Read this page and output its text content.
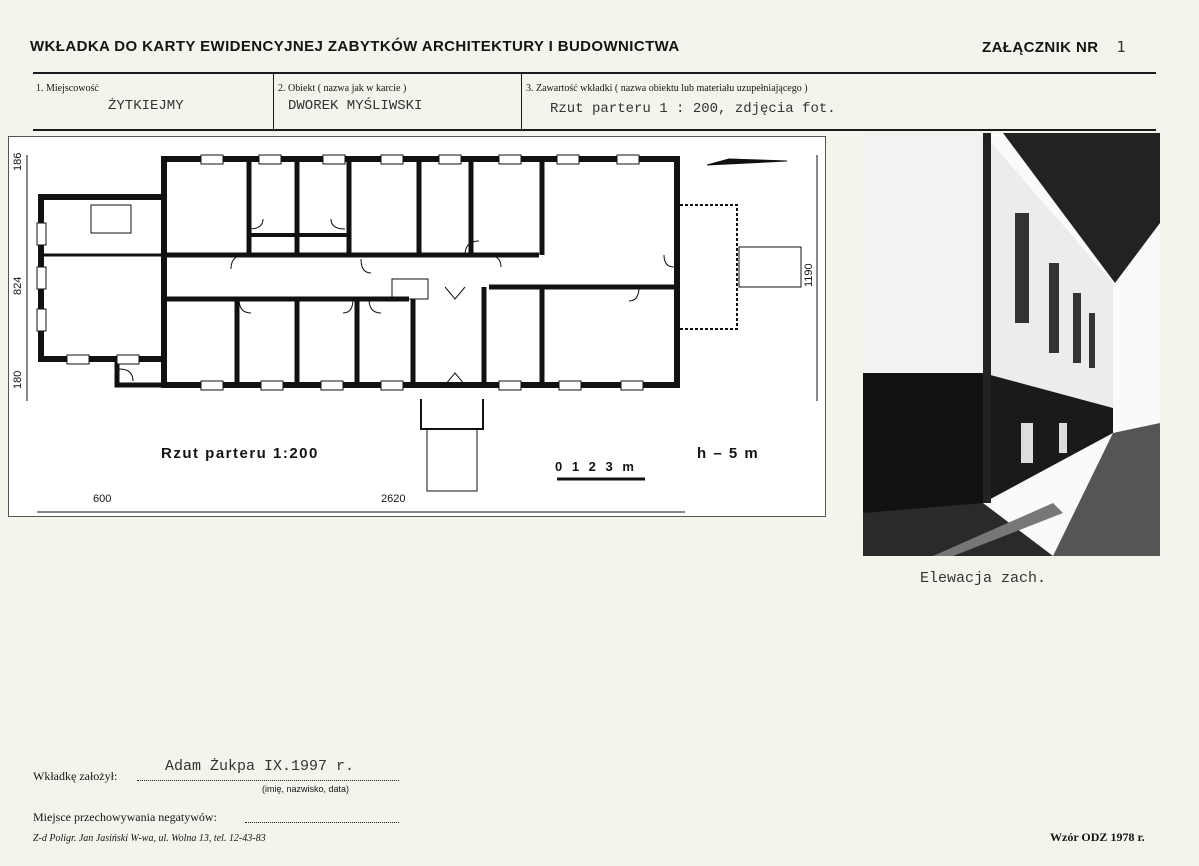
WKŁADKA DO KARTY EWIDENCYJNEJ ZABYTKÓW ARCHITEKTURY I BUDOWNICTWA	ZAŁĄCZNIK NR 1
1. Miejscowość
ŻYTKIEJMY
2. Obiekt ( nazwa jak w karcie )
DWOREK MYŚLIWSKI
3. Zawartość wkładki ( nazwa obiektu lub materiału uzupełniającego )
Rzut parteru 1 : 200, zdjęcia fot.
Rzut parteru 1:200	h – 5 m
0 1 2 3 m
186
824
180
1190
600	2620
Elewacja zach.
Wkładkę założył:
Adam Żukpa IX.1997 r.
(imię, nazwisko, data)
Miejsce przechowywania negatywów:
Z-d Poligr. Jan Jasiński W-wa, ul. Wolna 13, tel. 12-43-83	Wzór ODZ 1978 r.
